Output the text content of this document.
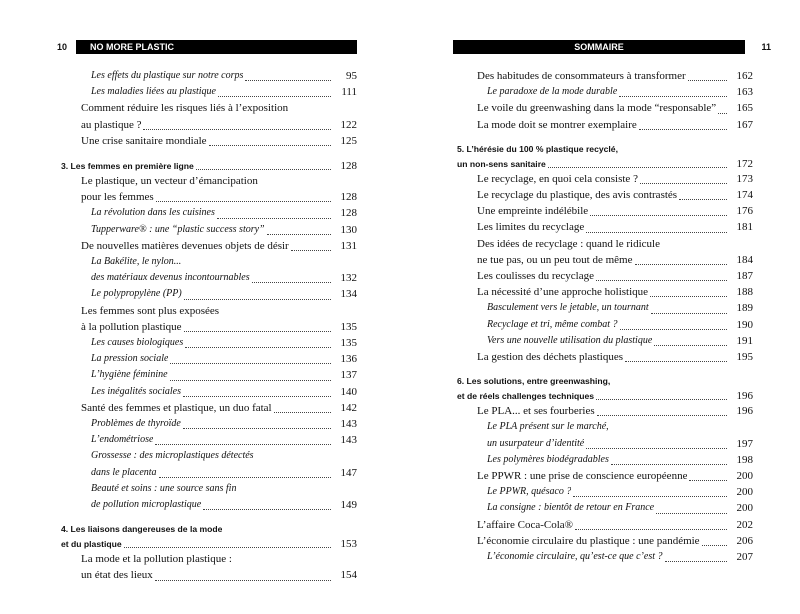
10	NO MORE PLASTIC
Les effets du plastique sur notre corps	95
Les maladies liées au plastique	111
Comment réduire les risques liés à l’exposition
au plastique ?	122
Une crise sanitaire mondiale	125
3. Les femmes en première ligne	128
Le plastique, un vecteur d’émancipation
pour les femmes	128
La révolution dans les cuisines	128
Tupperware® : une “plastic success story”	130
De nouvelles matières devenues objets de désir	131
La Bakélite, le nylon...
des matériaux devenus incontournables	132
Le polypropylène (PP)	134
Les femmes sont plus exposées
à la pollution plastique	135
Les causes biologiques	135
La pression sociale	136
L’hygiène féminine	137
Les inégalités sociales	140
Santé des femmes et plastique, un duo fatal	142
Problèmes de thyroïde	143
L’endométriose	143
Grossesse : des microplastiques détectés
dans le placenta	147
Beauté et soins : une source sans fin
de pollution microplastique	149
4. Les liaisons dangereuses de la mode
et du plastique	153
La mode et la pollution plastique :
un état des lieux	154
SOMMAIRE	11
Des habitudes de consommateurs à transformer	162
Le paradoxe de la mode durable	163
Le voile du greenwashing dans la mode “responsable”	165
La mode doit se montrer exemplaire	167
5. L’hérésie du 100 % plastique recyclé,
un non-sens sanitaire	172
Le recyclage, en quoi cela consiste ?	173
Le recyclage du plastique, des avis contrastés	174
Une empreinte indélébile	176
Les limites du recyclage	181
Des idées de recyclage : quand le ridicule
ne tue pas, ou un peu tout de même	184
Les coulisses du recyclage	187
La nécessité d’une approche holistique	188
Basculement vers le jetable, un tournant	189
Recyclage et tri, même combat ?	190
Vers une nouvelle utilisation du plastique	191
La gestion des déchets plastiques	195
6. Les solutions, entre greenwashing,
et de réels challenges techniques	196
Le PLA... et ses fourberies	196
Le PLA présent sur le marché,
un usurpateur d’identité	197
Les polymères biodégradables	198
Le PPWR : une prise de conscience européenne	200
Le PPWR, quésaco ?	200
La consigne : bientôt de retour en France	200
L’affaire Coca-Cola®	202
L’économie circulaire du plastique : une pandémie	206
L’économie circulaire, qu’est-ce que c’est ?	207
